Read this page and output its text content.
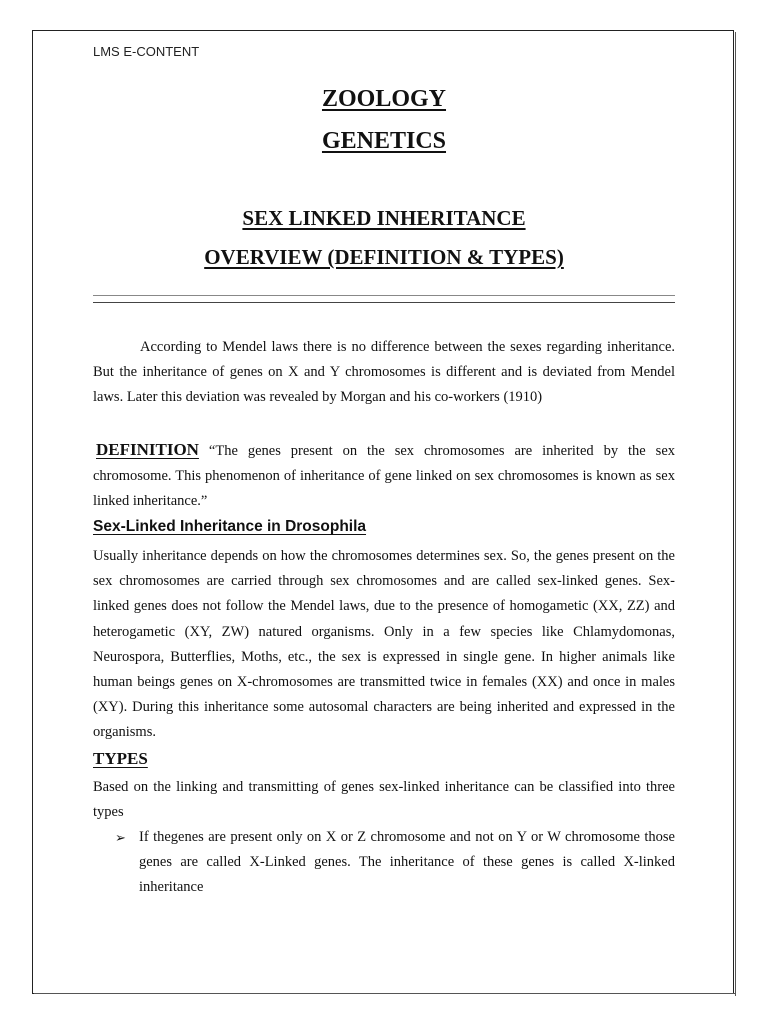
LMS E-CONTENT
ZOOLOGY
GENETICS
SEX LINKED INHERITANCE
OVERVIEW (DEFINITION & TYPES)

According to Mendel laws there is no difference between the sexes regarding inheritance. But the inheritance of genes on X and Y chromosomes is different and is deviated from Mendel laws. Later this deviation was revealed by Morgan and his co-workers (1910)

DEFINITION “The genes present on the sex chromosomes are inherited by the sex chromosome. This phenomenon of inheritance of gene linked on sex chromosomes is known as sex linked inheritance.”

Sex-Linked Inheritance in Drosophila

Usually inheritance depends on how the chromosomes determines sex. So, the genes present on the sex chromosomes are carried through sex chromosomes and are called sex-linked genes. Sex- linked genes does not follow the Mendel laws, due to the presence of homogametic (XX, ZZ) and heterogametic (XY, ZW) natured organisms. Only in a few species like Chlamydomonas, Neurospora, Butterflies, Moths, etc., the sex is expressed in single gene. In higher animals like human beings genes on X-chromosomes are transmitted twice in females (XX) and once in males (XY). During this inheritance some autosomal characters are being inherited and expressed in the organisms.

TYPES

Based on the linking and transmitting of genes sex-linked inheritance can be classified into three types

➢ If thegenes are present only on X or Z chromosome and not on Y or W chromosome those genes are called X-Linked genes. The inheritance of these genes is called X-linked inheritance
